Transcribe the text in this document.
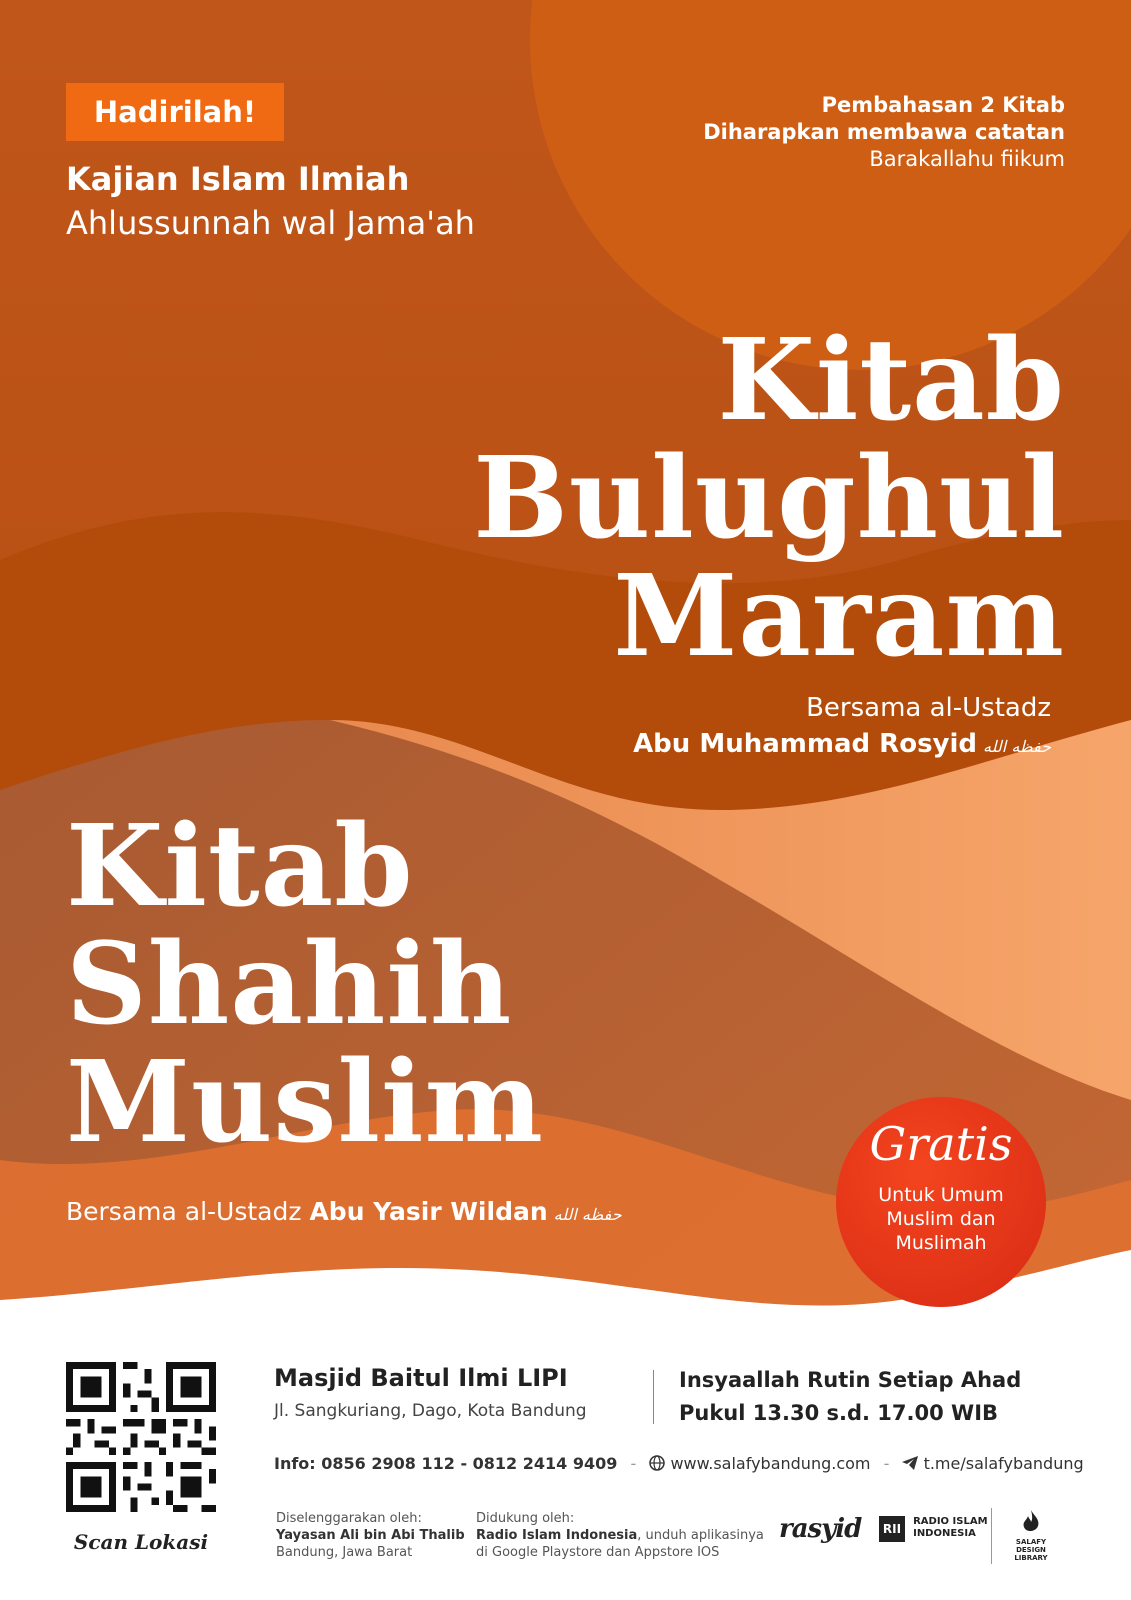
Hadirilah!
Kajian Islam Ilmiah
Ahlussunnah wal Jama'ah
Pembahasan 2 Kitab
Diharapkan membawa catatan
Barakallahu fiikum
Kitab
Bulughul
Maram
Bersama al-Ustadz
Abu Muhammad Rosyid حفظه الله
Kitab
Shahih
Muslim
Bersama al-Ustadz Abu Yasir Wildan حفظه الله
Gratis
Untuk Umum
Muslim dan
Muslimah
Scan Lokasi
Masjid Baitul Ilmi LIPI
Jl. Sangkuriang, Dago, Kota Bandung
Insyaallah Rutin Setiap Ahad
Pukul 13.30 s.d. 17.00 WIB
Info: 0856 2908 112 - 0812 2414 9409 - www.salafybandung.com - t.me/salafybandung
Diselenggarakan oleh:
Yayasan Ali bin Abi Thalib
Bandung, Jawa Barat
Didukung oleh:
Radio Islam Indonesia, unduh aplikasinya
di Google Playstore dan Appstore IOS
rasyid	RII
RADIO ISLAM
INDONESIA
SALAFY
DESIGN
LIBRARY
